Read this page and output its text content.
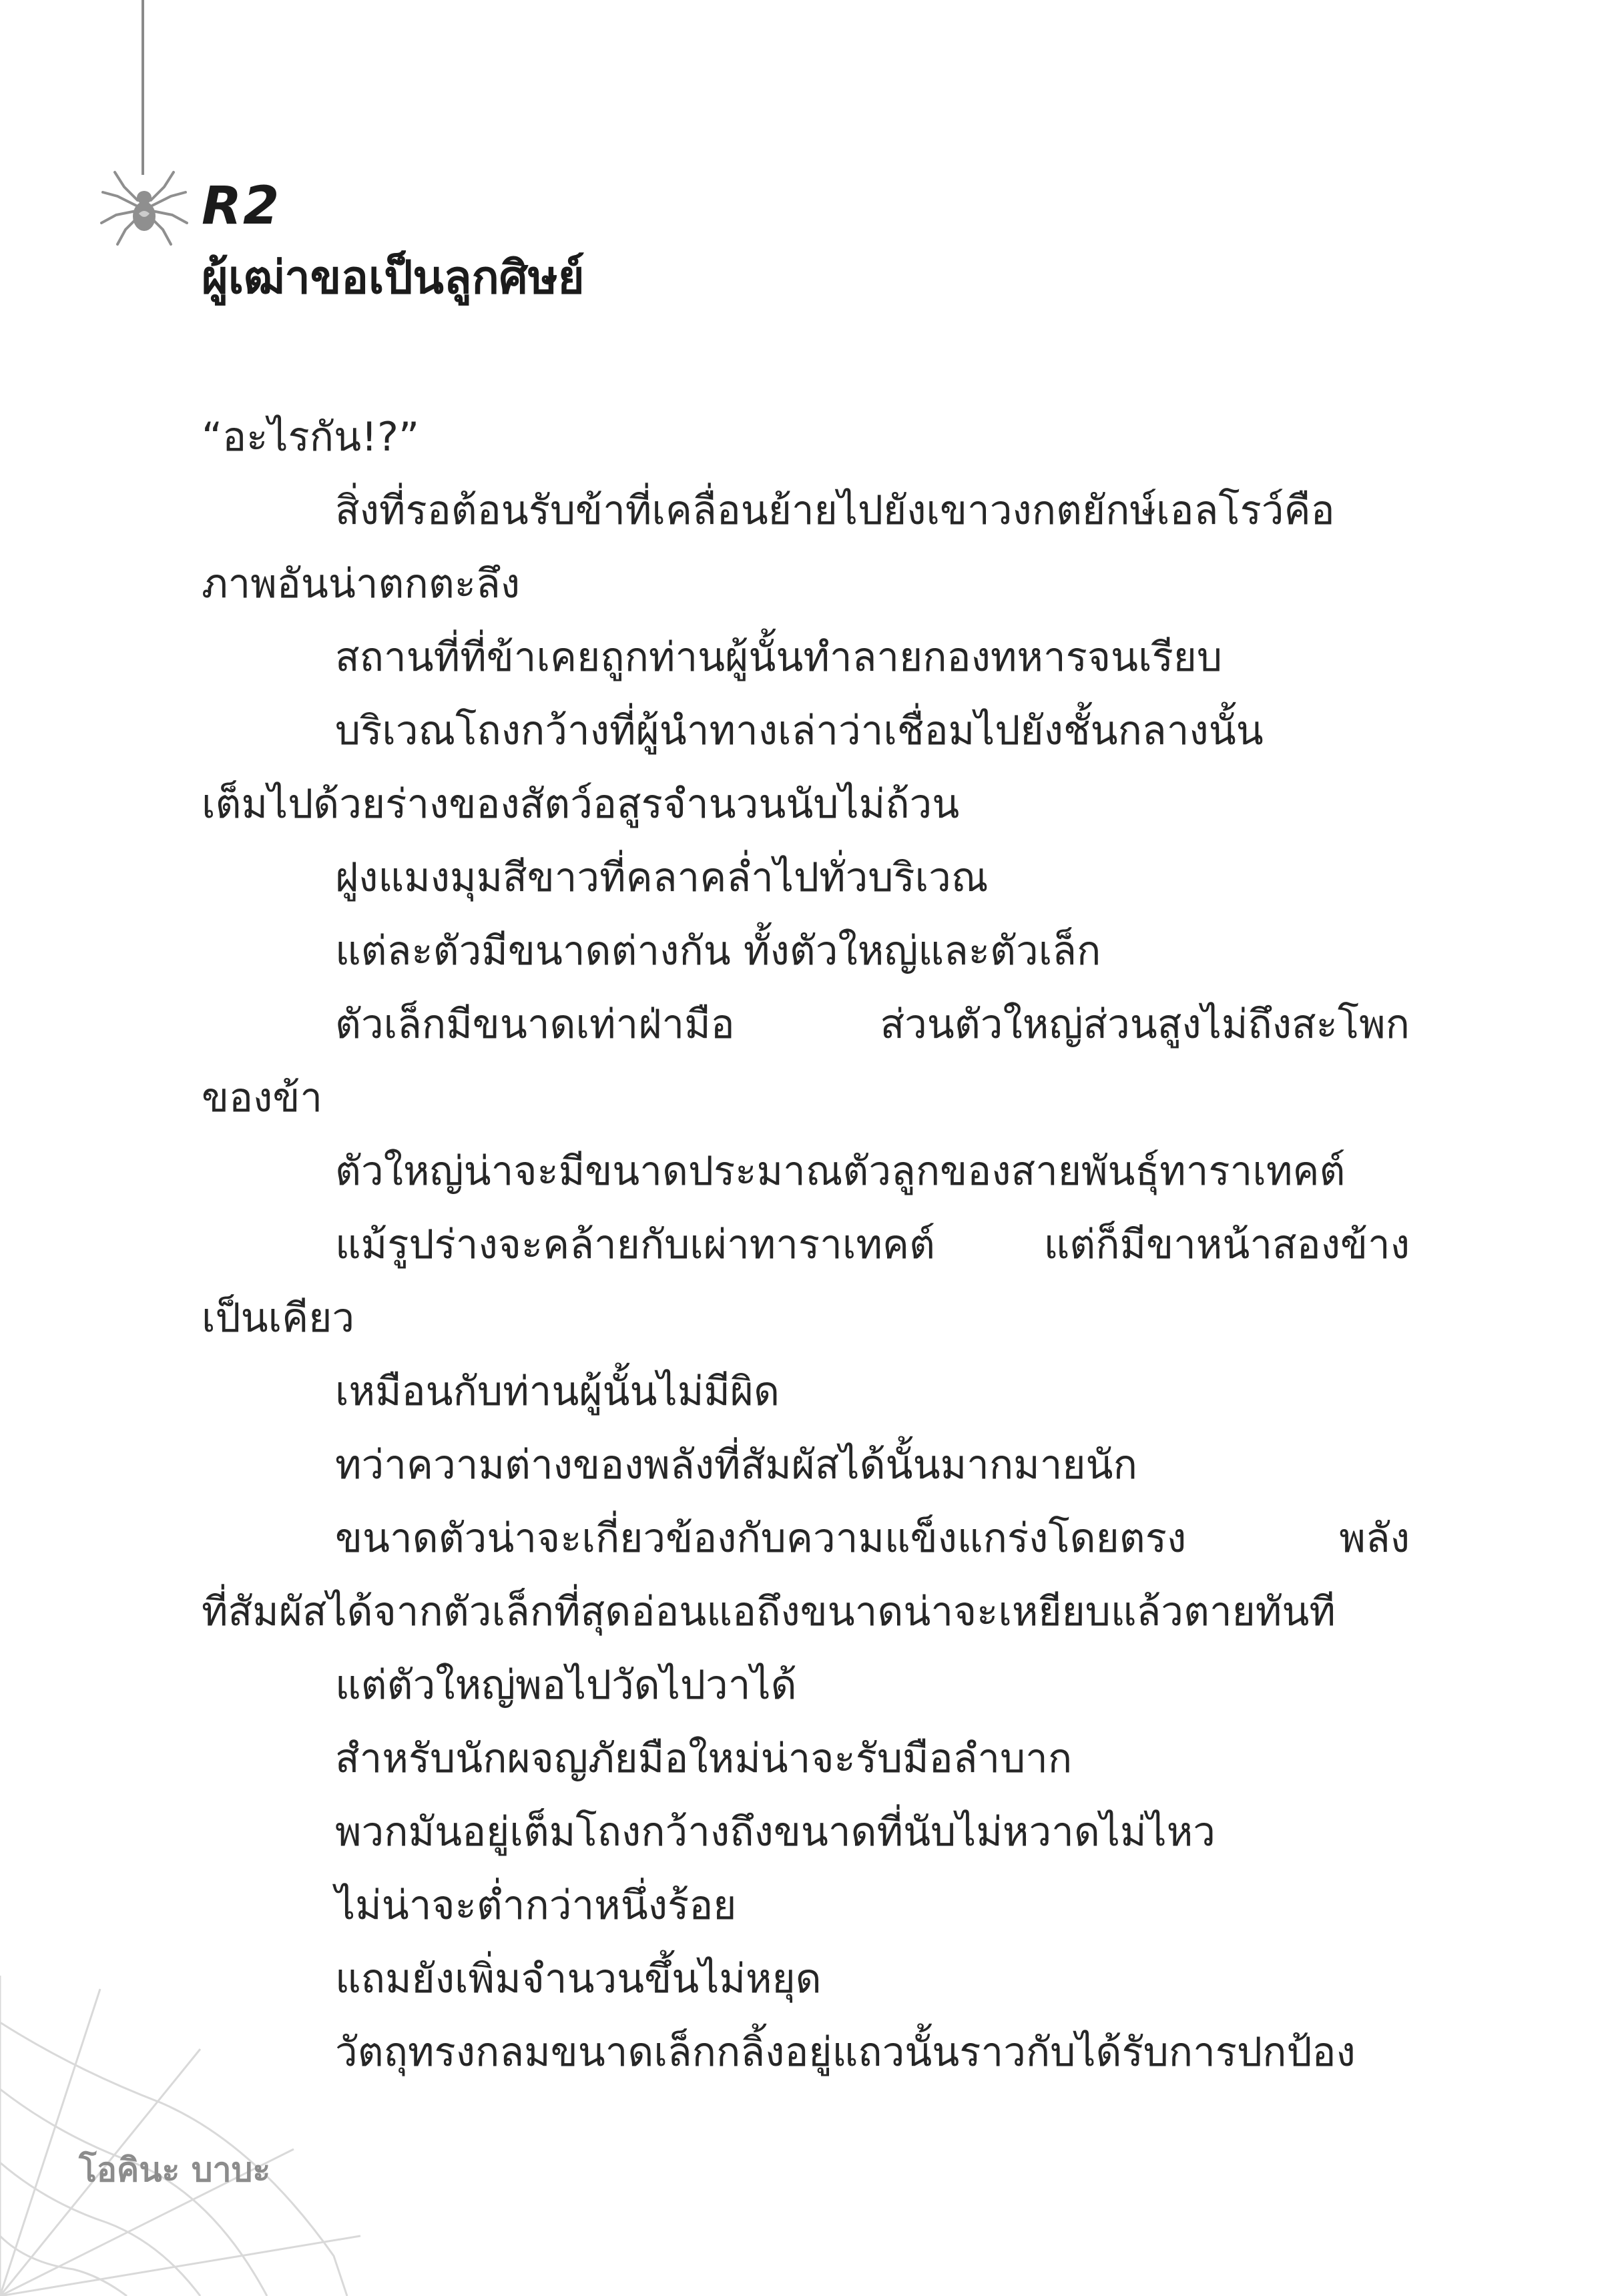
R2
ผู้เฒ่าขอเป็นลูกศิษย์
“อะไรกัน!?”
สิ่งที่รอต้อนรับข้าที่เคลื่อนย้ายไปยังเขาวงกตยักษ์เอลโรว์คือ
ภาพอันน่าตกตะลึง
สถานที่ที่ข้าเคยถูกท่านผู้นั้นทำลายกองทหารจนเรียบ
บริเวณโถงกว้างที่ผู้นำทางเล่าว่าเชื่อมไปยังชั้นกลางนั้น
เต็มไปด้วยร่างของสัตว์อสูรจำนวนนับไม่ถ้วน
ฝูงแมงมุมสีขาวที่คลาคล่ำไปทั่วบริเวณ
แต่ละตัวมีขนาดต่างกัน ทั้งตัวใหญ่และตัวเล็ก
ตัวเล็กมีขนาดเท่าฝ่ามือ ส่วนตัวใหญ่ส่วนสูงไม่ถึงสะโพก
ของข้า
ตัวใหญ่น่าจะมีขนาดประมาณตัวลูกของสายพันธุ์ทาราเทคต์
แม้รูปร่างจะคล้ายกับเผ่าทาราเทคต์ แต่ก็มีขาหน้าสองข้าง
เป็นเคียว
เหมือนกับท่านผู้นั้นไม่มีผิด
ทว่าความต่างของพลังที่สัมผัสได้นั้นมากมายนัก
ขนาดตัวน่าจะเกี่ยวข้องกับความแข็งแกร่งโดยตรง พลัง
ที่สัมผัสได้จากตัวเล็กที่สุดอ่อนแอถึงขนาดน่าจะเหยียบแล้วตายทันที
แต่ตัวใหญ่พอไปวัดไปวาได้
สำหรับนักผจญภัยมือใหม่น่าจะรับมือลำบาก
พวกมันอยู่เต็มโถงกว้างถึงขนาดที่นับไม่หวาดไม่ไหว
ไม่น่าจะต่ำกว่าหนึ่งร้อย
แถมยังเพิ่มจำนวนขึ้นไม่หยุด
วัตถุทรงกลมขนาดเล็กกลิ้งอยู่แถวนั้นราวกับได้รับการปกป้อง
โอคินะ บาบะ
